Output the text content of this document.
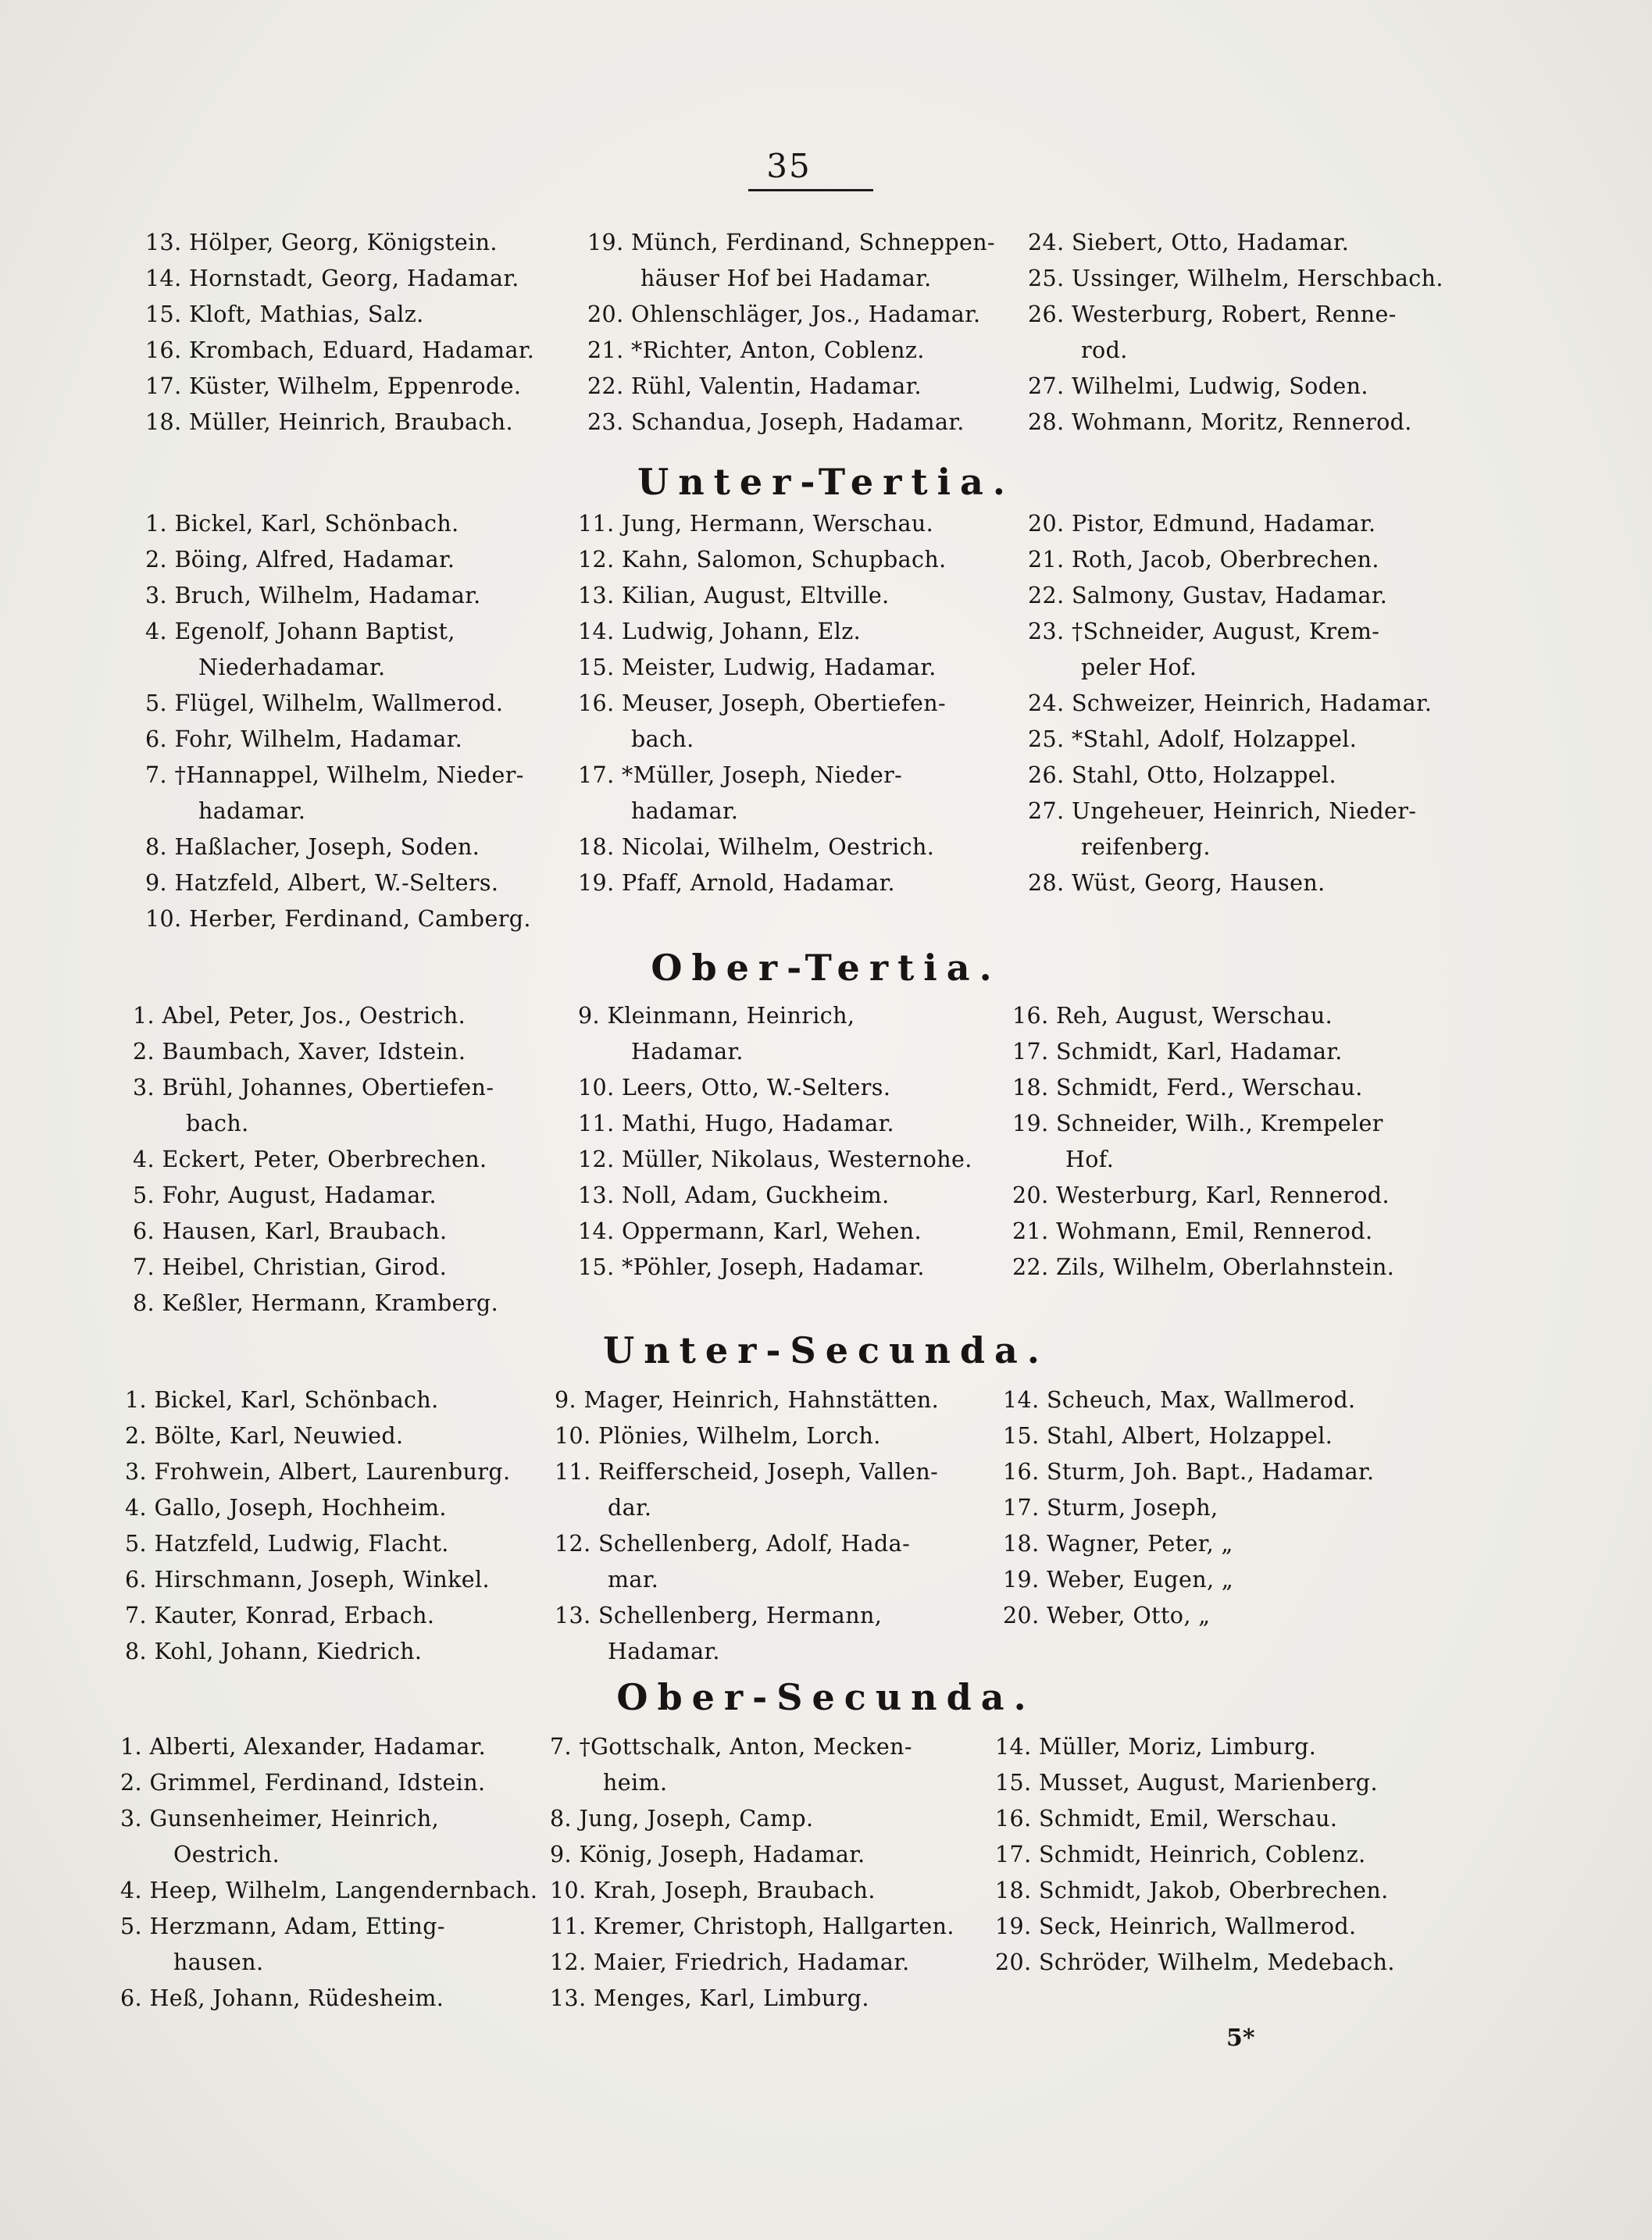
35
13. Hölper, Georg, Königstein.
14. Hornstadt, Georg, Hadamar.
15. Kloft, Mathias, Salz.
16. Krombach, Eduard, Hadamar.
17. Küster, Wilhelm, Eppenrode.
18. Müller, Heinrich, Braubach.
19. Münch, Ferdinand, Schneppen-
häuser Hof bei Hadamar.
20. Ohlenschläger, Jos., Hadamar.
21. *Richter, Anton, Coblenz.
22. Rühl, Valentin, Hadamar.
23. Schandua, Joseph, Hadamar.
24. Siebert, Otto, Hadamar.
25. Ussinger, Wilhelm, Herschbach.
26. Westerburg, Robert, Renne-
rod.
27. Wilhelmi, Ludwig, Soden.
28. Wohmann, Moritz, Rennerod.
Unter-Tertia.
1. Bickel, Karl, Schönbach.
2. Böing, Alfred, Hadamar.
3. Bruch, Wilhelm, Hadamar.
4. Egenolf, Johann Baptist,
Niederhadamar.
5. Flügel, Wilhelm, Wallmerod.
6. Fohr, Wilhelm, Hadamar.
7. †Hannappel, Wilhelm, Nieder-
hadamar.
8. Haßlacher, Joseph, Soden.
9. Hatzfeld, Albert, W.-Selters.
10. Herber, Ferdinand, Camberg.
11. Jung, Hermann, Werschau.
12. Kahn, Salomon, Schupbach.
13. Kilian, August, Eltville.
14. Ludwig, Johann, Elz.
15. Meister, Ludwig, Hadamar.
16. Meuser, Joseph, Obertiefen-
bach.
17. *Müller, Joseph, Nieder-
hadamar.
18. Nicolai, Wilhelm, Oestrich.
19. Pfaff, Arnold, Hadamar.
20. Pistor, Edmund, Hadamar.
21. Roth, Jacob, Oberbrechen.
22. Salmony, Gustav, Hadamar.
23. †Schneider, August, Krem-
peler Hof.
24. Schweizer, Heinrich, Hadamar.
25. *Stahl, Adolf, Holzappel.
26. Stahl, Otto, Holzappel.
27. Ungeheuer, Heinrich, Nieder-
reifenberg.
28. Wüst, Georg, Hausen.
Ober-Tertia.
1. Abel, Peter, Jos., Oestrich.
2. Baumbach, Xaver, Idstein.
3. Brühl, Johannes, Obertiefen-
bach.
4. Eckert, Peter, Oberbrechen.
5. Fohr, August, Hadamar.
6. Hausen, Karl, Braubach.
7. Heibel, Christian, Girod.
8. Keßler, Hermann, Kramberg.
9. Kleinmann, Heinrich,
Hadamar.
10. Leers, Otto, W.-Selters.
11. Mathi, Hugo, Hadamar.
12. Müller, Nikolaus, Westernohe.
13. Noll, Adam, Guckheim.
14. Oppermann, Karl, Wehen.
15. *Pöhler, Joseph, Hadamar.
16. Reh, August, Werschau.
17. Schmidt, Karl, Hadamar.
18. Schmidt, Ferd., Werschau.
19. Schneider, Wilh., Krempeler
Hof.
20. Westerburg, Karl, Rennerod.
21. Wohmann, Emil, Rennerod.
22. Zils, Wilhelm, Oberlahnstein.
Unter-Secunda.
1. Bickel, Karl, Schönbach.
2. Bölte, Karl, Neuwied.
3. Frohwein, Albert, Laurenburg.
4. Gallo, Joseph, Hochheim.
5. Hatzfeld, Ludwig, Flacht.
6. Hirschmann, Joseph, Winkel.
7. Kauter, Konrad, Erbach.
8. Kohl, Johann, Kiedrich.
9. Mager, Heinrich, Hahnstätten.
10. Plönies, Wilhelm, Lorch.
11. Reifferscheid, Joseph, Vallen-
dar.
12. Schellenberg, Adolf, Hada-
mar.
13. Schellenberg, Hermann,
Hadamar.
14. Scheuch, Max, Wallmerod.
15. Stahl, Albert, Holzappel.
16. Sturm, Joh. Bapt., Hadamar.
17. Sturm, Joseph,
18. Wagner, Peter, „
19. Weber, Eugen, „
20. Weber, Otto, „
Ober-Secunda.
1. Alberti, Alexander, Hadamar.
2. Grimmel, Ferdinand, Idstein.
3. Gunsenheimer, Heinrich,
Oestrich.
4. Heep, Wilhelm, Langendernbach.
5. Herzmann, Adam, Etting-
hausen.
6. Heß, Johann, Rüdesheim.
7. †Gottschalk, Anton, Mecken-
heim.
8. Jung, Joseph, Camp.
9. König, Joseph, Hadamar.
10. Krah, Joseph, Braubach.
11. Kremer, Christoph, Hallgarten.
12. Maier, Friedrich, Hadamar.
13. Menges, Karl, Limburg.
14. Müller, Moriz, Limburg.
15. Musset, August, Marienberg.
16. Schmidt, Emil, Werschau.
17. Schmidt, Heinrich, Coblenz.
18. Schmidt, Jakob, Oberbrechen.
19. Seck, Heinrich, Wallmerod.
20. Schröder, Wilhelm, Medebach.
5*
